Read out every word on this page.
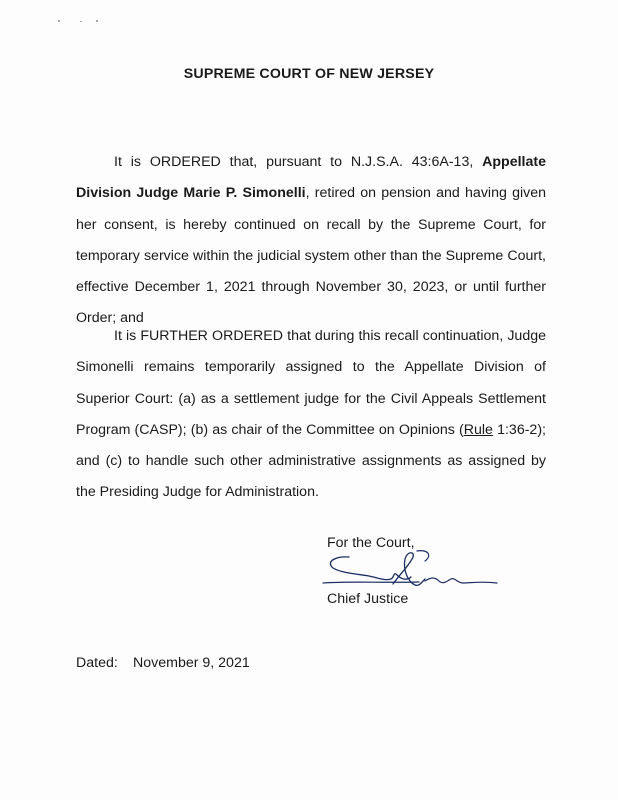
SUPREME COURT OF NEW JERSEY
It is ORDERED that, pursuant to N.J.S.A. 43:6A-13, Appellate Division Judge Marie P. Simonelli, retired on pension and having given her consent, is hereby continued on recall by the Supreme Court, for temporary service within the judicial system other than the Supreme Court, effective December 1, 2021 through November 30, 2023, or until further Order; and
It is FURTHER ORDERED that during this recall continuation, Judge Simonelli remains temporarily assigned to the Appellate Division of Superior Court: (a) as a settlement judge for the Civil Appeals Settlement Program (CASP); (b) as chair of the Committee on Opinions (Rule 1:36-2); and (c) to handle such other administrative assignments as assigned by the Presiding Judge for Administration.
For the Court,
Chief Justice
Dated: November 9, 2021
